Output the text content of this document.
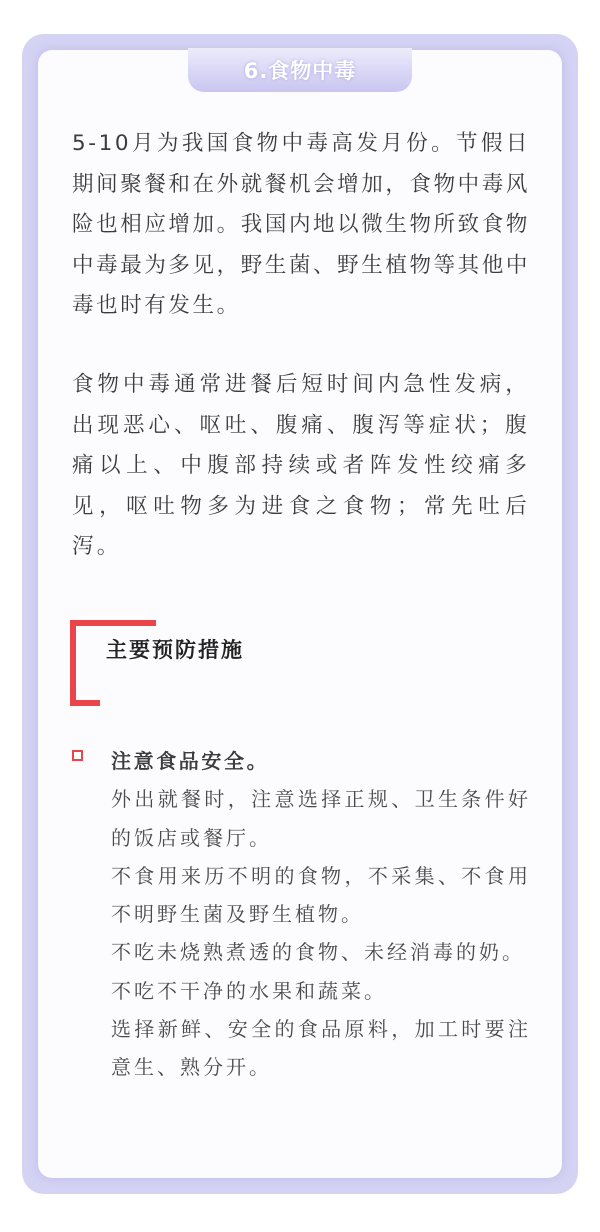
6.食物中毒

5-10月为我国食物中毒高发月份。节假日期间聚餐和在外就餐机会增加，食物中毒风险也相应增加。我国内地以微生物所致食物中毒最为多见，野生菌、野生植物等其他中毒也时有发生。

食物中毒通常进餐后短时间内急性发病，出现恶心、呕吐、腹痛、腹泻等症状；腹痛以上、中腹部持续或者阵发性绞痛多见，呕吐物多为进食之食物；常先吐后泻。

主要预防措施
注意食品安全。
外出就餐时，注意选择正规、卫生条件好的饭店或餐厅。
不食用来历不明的食物，不采集、不食用不明野生菌及野生植物。
不吃未烧熟煮透的食物、未经消毒的奶。
不吃不干净的水果和蔬菜。
选择新鲜、安全的食品原料，加工时要注意生、熟分开。
